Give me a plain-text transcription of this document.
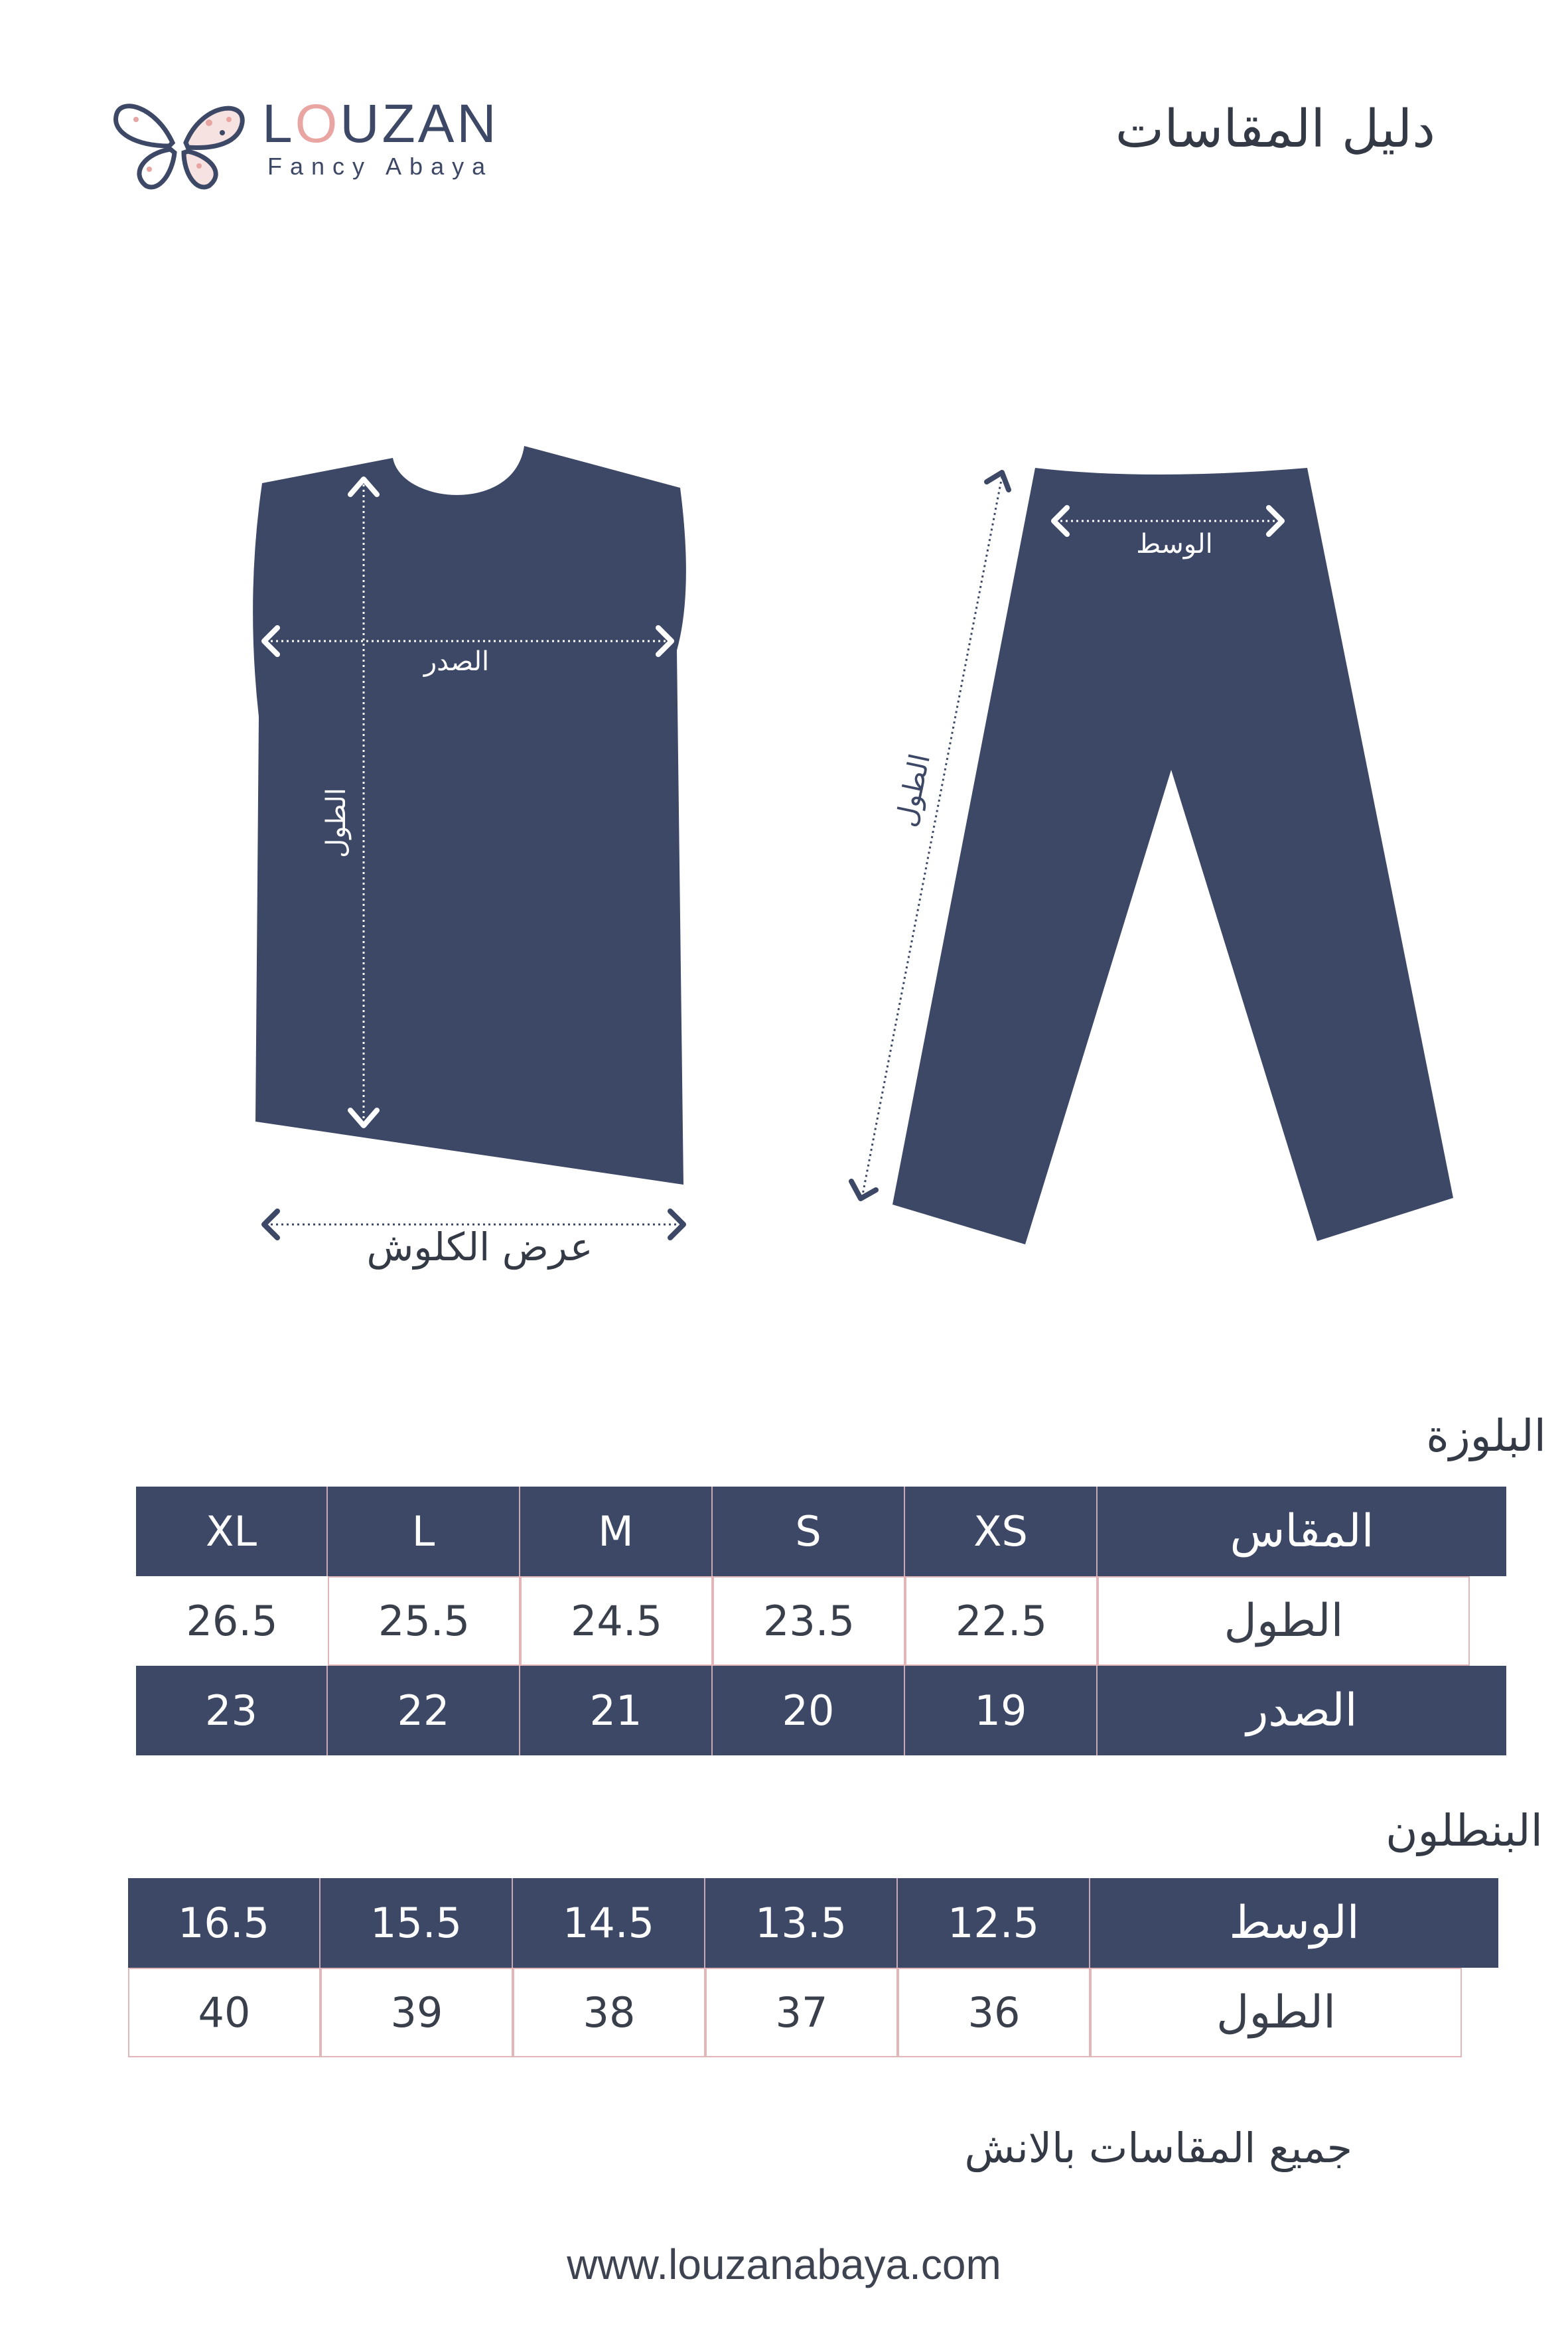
LOUZAN
Fancy Abaya
دليل المقاسات
الصدر
الطول
الوسط
الطول
عرض الكلوش
البلوزة
XL	L	M	S	XS	المقاس
26.5	25.5	24.5	23.5	22.5	الطول
23	22	21	20	19	الصدر
البنطلون
16.5	15.5	14.5	13.5	12.5	الوسط
40	39	38	37	36	الطول
جميع المقاسات بالانش
www.louzanabaya.com
